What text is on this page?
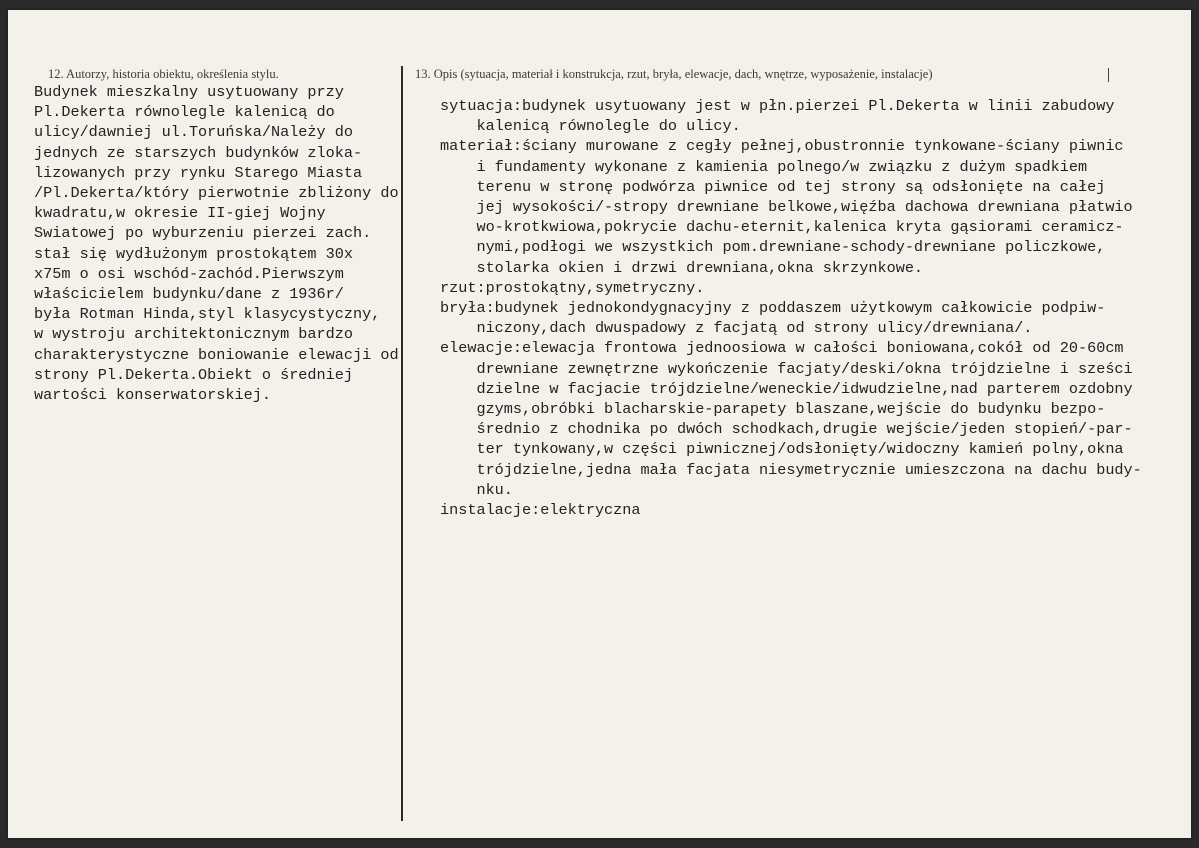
12. Autorzy, historia obiektu, określenia stylu.	13. Opis (sytuacja, materiał i konstrukcja, rzut, bryła, elewacje, dach, wnętrze, wyposażenie, instalacje)
Budynek mieszkalny usytuowany przy
Pl.Dekerta równolegle kalenicą do
ulicy/dawniej ul.Toruńska/Należy do
jednych ze starszych budynków zloka-
lizowanych przy rynku Starego Miasta
/Pl.Dekerta/który pierwotnie zbliżony do
kwadratu,w okresie II-giej Wojny
Swiatowej po wyburzeniu pierzei zach.
stał się wydłużonym prostokątem 30x
x75m o osi wschód-zachód.Pierwszym
właścicielem budynku/dane z 1936r/
była Rotman Hinda,styl klasycystyczny,
w wystroju architektonicznym bardzo
charakterystyczne boniowanie elewacji od
strony Pl.Dekerta.Obiekt o średniej
wartości konserwatorskiej.
sytuacja:budynek usytuowany jest w płn.pierzei Pl.Dekerta w linii zabudowy
kalenicą równolegle do ulicy.
materiał:ściany murowane z cegły pełnej,obustronnie tynkowane-ściany piwnic
i fundamenty wykonane z kamienia polnego/w związku z dużym spadkiem
terenu w stronę podwórza piwnice od tej strony są odsłonięte na całej
jej wysokości/-stropy drewniane belkowe,więźba dachowa drewniana płatwio
wo-krotkwiowa,pokrycie dachu-eternit,kalenica kryta gąsiorami ceramicz-
nymi,podłogi we wszystkich pom.drewniane-schody-drewniane policzkowe,
stolarka okien i drzwi drewniana,okna skrzynkowe.
rzut:prostokątny,symetryczny.
bryła:budynek jednokondygnacyjny z poddaszem użytkowym całkowicie podpiw-
niczony,dach dwuspadowy z facjatą od strony ulicy/drewniana/.
elewacje:elewacja frontowa jednoosiowa w całości boniowana,cokół od 20-60cm
drewniane zewnętrzne wykończenie facjaty/deski/okna trójdzielne i sześci
dzielne w facjacie trójdzielne/weneckie/idwudzielne,nad parterem ozdobny
gzyms,obróbki blacharskie-parapety blaszane,wejście do budynku bezpo-
średnio z chodnika po dwóch schodkach,drugie wejście/jeden stopień/-par-
ter tynkowany,w części piwnicznej/odsłonięty/widoczny kamień polny,okna
trójdzielne,jedna mała facjata niesymetrycznie umieszczona na dachu budy-
nku.
instalacje:elektryczna
